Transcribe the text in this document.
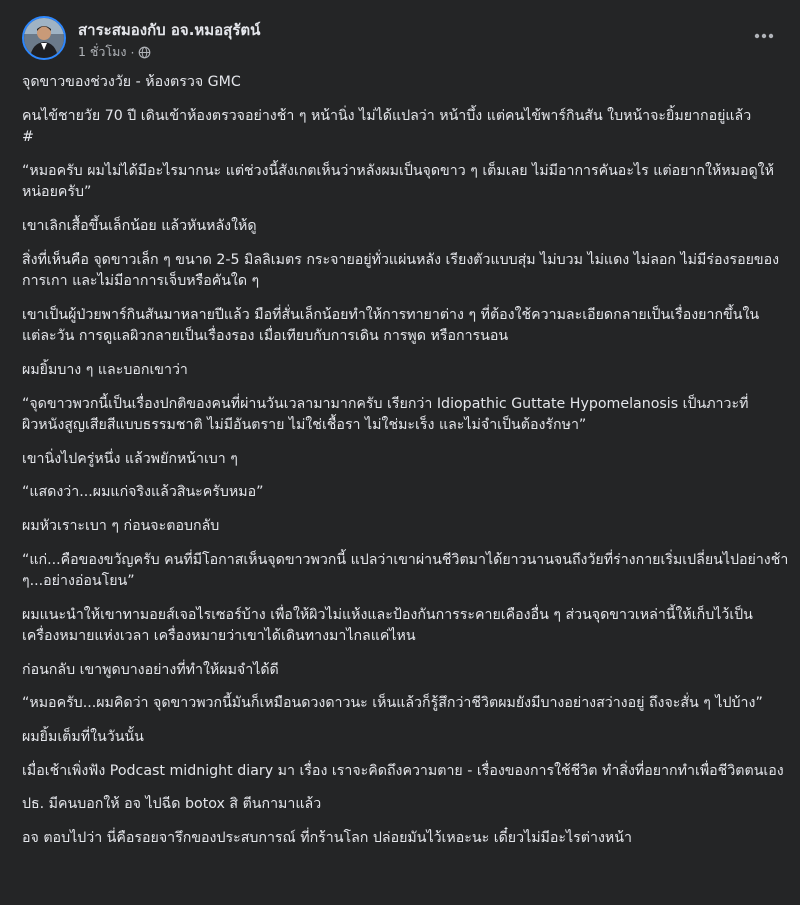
สาระสมองกับ อจ.หมอสุรัตน์
1 ชั่วโมง ·

จุดขาวของช่วงวัย - ห้องตรวจ GMC

คนไข้ชายวัย 70 ปี เดินเข้าห้องตรวจอย่างช้า ๆ หน้านิ่ง ไม่ได้แปลว่า หน้าบึ้ง แต่คนไข้พาร์กินสัน ใบหน้าจะยิ้มยากอยู่แล้ว
#

“หมอครับ ผมไม่ได้มีอะไรมากนะ แต่ช่วงนี้สังเกตเห็นว่าหลังผมเป็นจุดขาว ๆ เต็มเลย ไม่มีอาการคันอะไร แต่อยากให้หมอดูให้หน่อยครับ”

เขาเลิกเสื้อขึ้นเล็กน้อย แล้วหันหลังให้ดู

สิ่งที่เห็นคือ จุดขาวเล็ก ๆ ขนาด 2-5 มิลลิเมตร กระจายอยู่ทั่วแผ่นหลัง เรียงตัวแบบสุ่ม ไม่บวม ไม่แดง ไม่ลอก ไม่มีร่องรอยของการเกา และไม่มีอาการเจ็บหรือคันใด ๆ

เขาเป็นผู้ป่วยพาร์กินสันมาหลายปีแล้ว มือที่สั่นเล็กน้อยทำให้การทายาต่าง ๆ ที่ต้องใช้ความละเอียดกลายเป็นเรื่องยากขึ้นในแต่ละวัน การดูแลผิวกลายเป็นเรื่องรอง เมื่อเทียบกับการเดิน การพูด หรือการนอน

ผมยิ้มบาง ๆ และบอกเขาว่า

“จุดขาวพวกนี้เป็นเรื่องปกติของคนที่ผ่านวันเวลามามากครับ เรียกว่า Idiopathic Guttate Hypomelanosis เป็นภาวะที่ผิวหนังสูญเสียสีแบบธรรมชาติ ไม่มีอันตราย ไม่ใช่เชื้อรา ไม่ใช่มะเร็ง และไม่จำเป็นต้องรักษา”

เขานิ่งไปครู่หนึ่ง แล้วพยักหน้าเบา ๆ

“แสดงว่า...ผมแก่จริงแล้วสินะครับหมอ”

ผมหัวเราะเบา ๆ ก่อนจะตอบกลับ

“แก่...คือของขวัญครับ คนที่มีโอกาสเห็นจุดขาวพวกนี้ แปลว่าเขาผ่านชีวิตมาได้ยาวนานจนถึงวัยที่ร่างกายเริ่มเปลี่ยนไปอย่างช้า ๆ...อย่างอ่อนโยน”

ผมแนะนำให้เขาทามอยส์เจอไรเซอร์บ้าง เพื่อให้ผิวไม่แห้งและป้องกันการระคายเคืองอื่น ๆ ส่วนจุดขาวเหล่านี้ให้เก็บไว้เป็นเครื่องหมายแห่งเวลา เครื่องหมายว่าเขาได้เดินทางมาไกลแค่ไหน

ก่อนกลับ เขาพูดบางอย่างที่ทำให้ผมจำได้ดี

“หมอครับ...ผมคิดว่า จุดขาวพวกนี้มันก็เหมือนดวงดาวนะ เห็นแล้วก็รู้สึกว่าชีวิตผมยังมีบางอย่างสว่างอยู่ ถึงจะสั่น ๆ ไปบ้าง”

ผมยิ้มเต็มที่ในวันนั้น

เมื่อเช้าเพิ่งฟัง Podcast midnight diary มา เรื่อง เราจะคิดถึงความตาย - เรื่องของการใช้ชีวิต ทำสิ่งที่อยากทำเพื่อชีวิตตนเอง

ปธ. มีคนบอกให้ อจ ไปฉีด botox สิ ตีนกามาแล้ว

อจ ตอบไปว่า นี่คือรอยจารึกของประสบการณ์ ที่กร้านโลก ปล่อยมันไว้เหอะนะ เดี๋ยวไม่มีอะไรต่างหน้า
